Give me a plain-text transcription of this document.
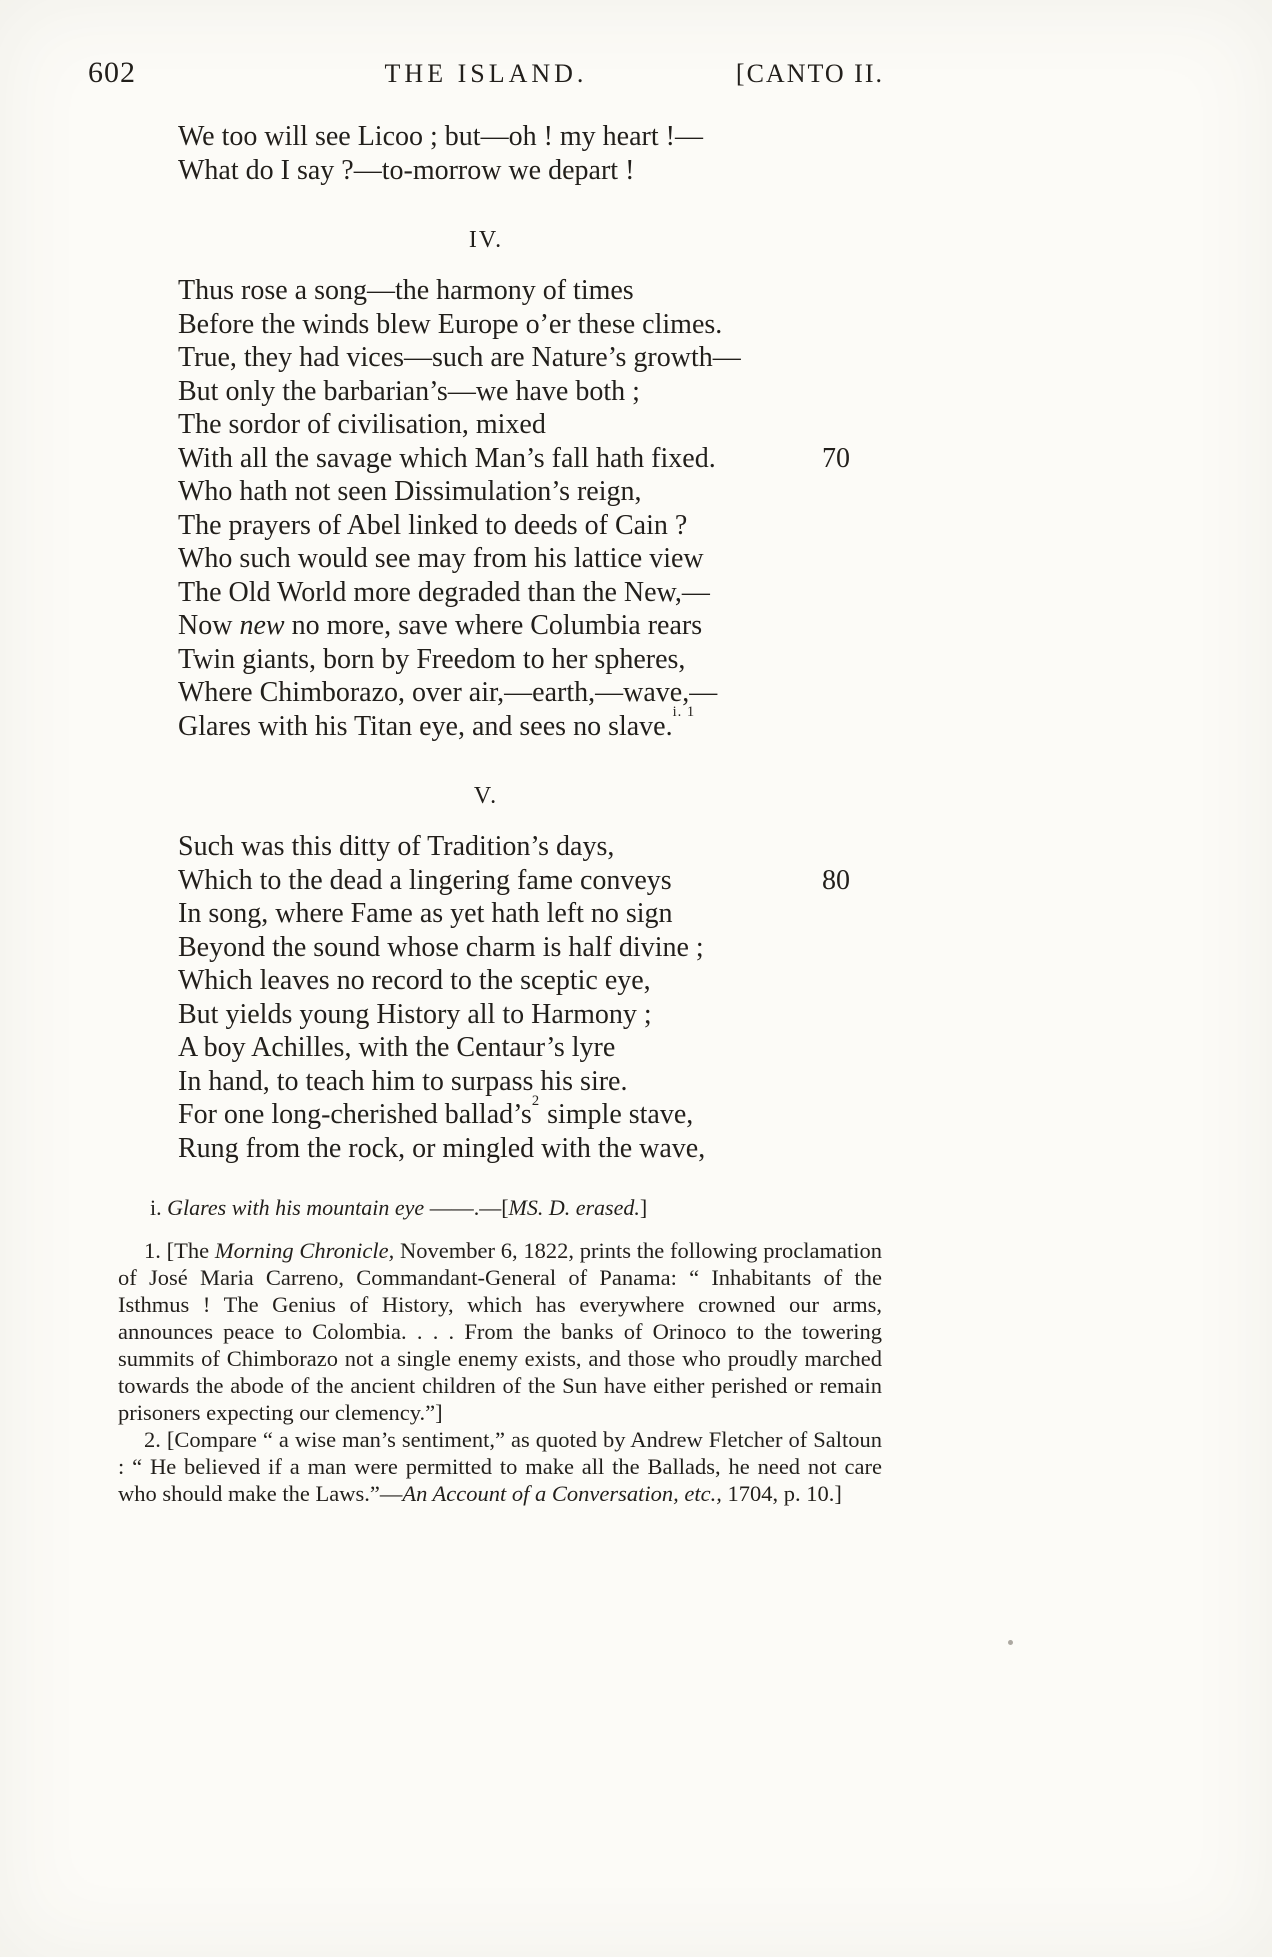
602	THE ISLAND.	[CANTO II.
We too will see Licoo ; but—oh ! my heart !—
What do I say ?—to-morrow we depart !
IV.
Thus rose a song—the harmony of times
Before the winds blew Europe o’er these climes.
True, they had vices—such are Nature’s growth—
But only the barbarian’s—we have both ;
The sordor of civilisation, mixed
With all the savage which Man’s fall hath fixed.	70
Who hath not seen Dissimulation’s reign,
The prayers of Abel linked to deeds of Cain ?
Who such would see may from his lattice view
The Old World more degraded than the New,—
Now new no more, save where Columbia rears
Twin giants, born by Freedom to her spheres,
Where Chimborazo, over air,—earth,—wave,—
Glares with his Titan eye, and sees no slave.$^{i. 1}$
V.
Such was this ditty of Tradition’s days,
Which to the dead a lingering fame conveys	80
In song, where Fame as yet hath left no sign
Beyond the sound whose charm is half divine ;
Which leaves no record to the sceptic eye,
But yields young History all to Harmony ;
A boy Achilles, with the Centaur’s lyre
In hand, to teach him to surpass his sire.
For one long-cherished ballad’s$^2$ simple stave,
Rung from the rock, or mingled with the wave,
i. Glares with his mountain eye ——.—[MS. D. erased.]

1. [The Morning Chronicle, November 6, 1822, prints the following proclamation of José Maria Carreno, Commandant-General of Panama: “ Inhabitants of the Isthmus ! The Genius of History, which has everywhere crowned our arms, announces peace to Colombia. . . . From the banks of Orinoco to the towering summits of Chimborazo not a single enemy exists, and those who proudly marched towards the abode of the ancient children of the Sun have either perished or remain prisoners expecting our clemency.”]

2. [Compare “ a wise man’s sentiment,” as quoted by Andrew Fletcher of Saltoun : “ He believed if a man were permitted to make all the Ballads, he need not care who should make the Laws.”—An Account of a Conversation, etc., 1704, p. 10.]
